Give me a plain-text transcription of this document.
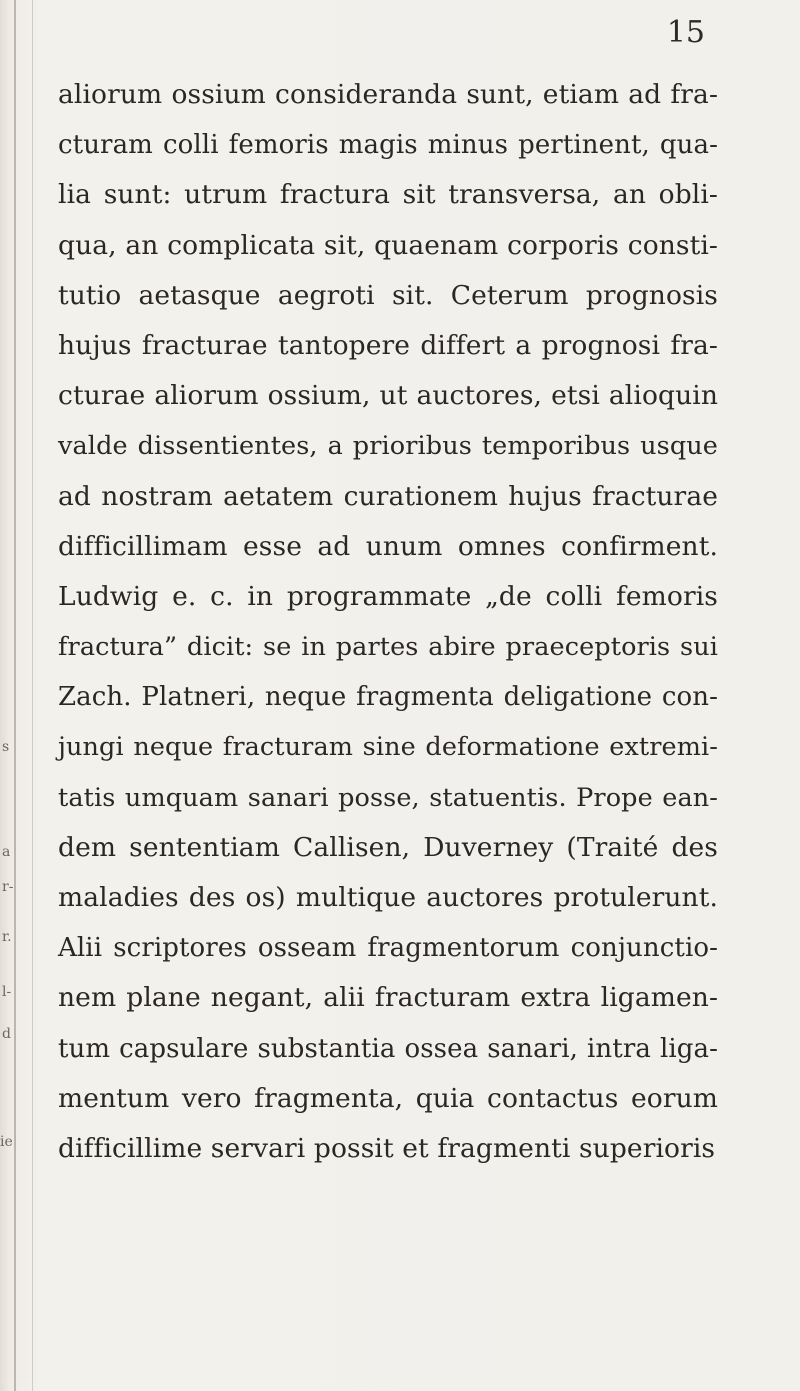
15
s
a
r-
r.
l-
d
ie
aliorum ossium consideranda sunt, etiam ad fra-
cturam colli femoris magis minus pertinent, qua-
lia sunt: utrum fractura sit transversa, an obli-
qua, an complicata sit, quaenam corporis consti-
tutio aetasque aegroti sit. Ceterum prognosis
hujus fracturae tantopere differt a prognosi fra-
cturae aliorum ossium, ut auctores, etsi alioquin
valde dissentientes, a prioribus temporibus usque
ad nostram aetatem curationem hujus fracturae
difficillimam esse ad unum omnes confirment.
Ludwig e. c. in programmate „de colli femoris
fractura” dicit: se in partes abire praeceptoris sui
Zach. Platneri, neque fragmenta deligatione con-
jungi neque fracturam sine deformatione extremi-
tatis umquam sanari posse, statuentis. Prope ean-
dem sententiam Callisen, Duverney (Traité des
maladies des os) multique auctores protulerunt.
Alii scriptores osseam fragmentorum conjunctio-
nem plane negant, alii fracturam extra ligamen-
tum capsulare substantia ossea sanari, intra liga-
mentum vero fragmenta, quia contactus eorum
difficillime servari possit et fragmenti superioris
